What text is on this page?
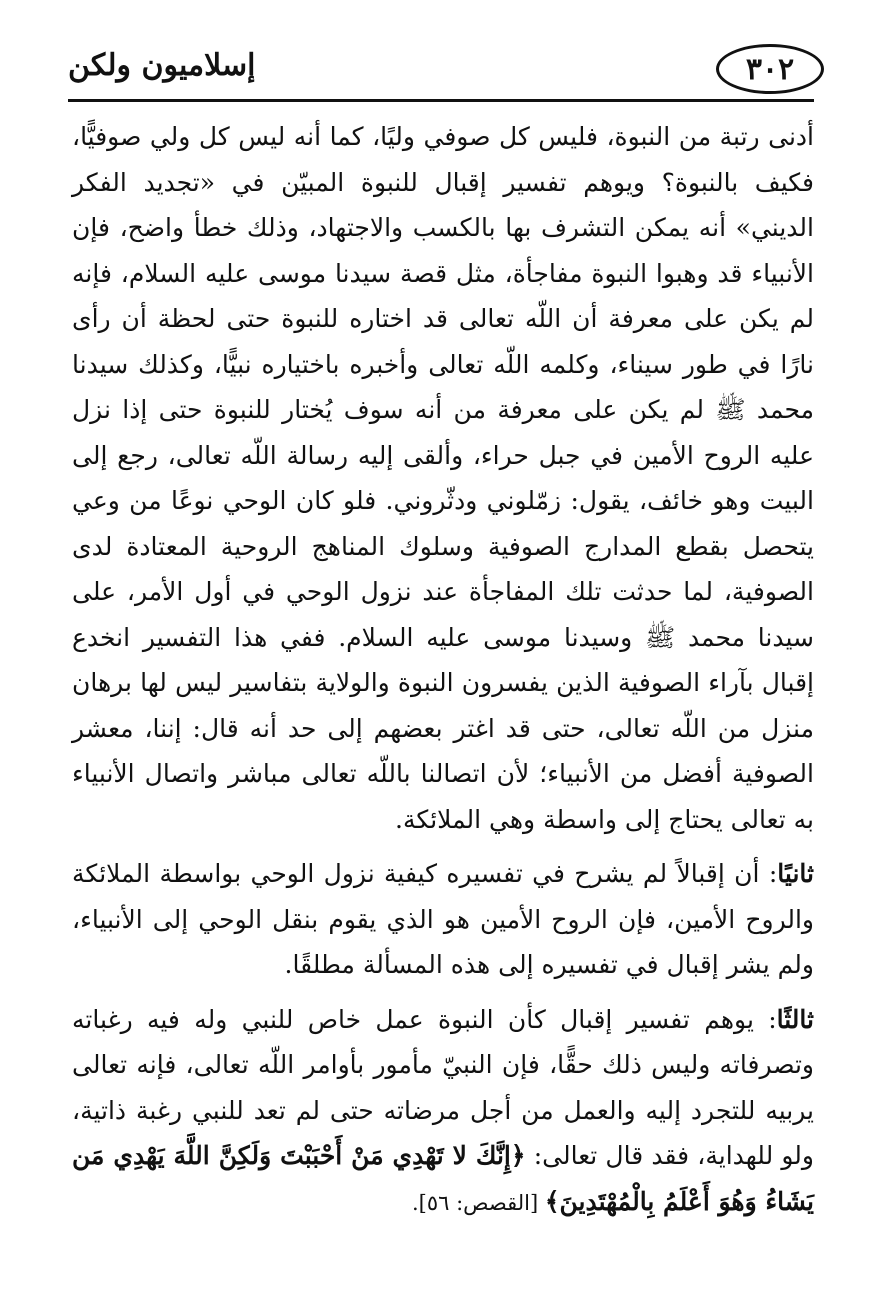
٣٠٢
إسلاميون ولكن

أدنى رتبة من النبوة، فليس كل صوفي وليًا، كما أنه ليس كل ولي صوفيًّا، فكيف بالنبوة؟ ويوهم تفسير إقبال للنبوة المبيّن في «تجديد الفكر الديني» أنه يمكن التشرف بها بالكسب والاجتهاد، وذلك خطأ واضح، فإن الأنبياء قد وهبوا النبوة مفاجأة، مثل قصة سيدنا موسى عليه السلام، فإنه لم يكن على معرفة أن اللّه تعالى قد اختاره للنبوة حتى لحظة أن رأى نارًا في طور سيناء، وكلمه اللّه تعالى وأخبره باختياره نبيًّا، وكذلك سيدنا محمد ﷺ لم يكن على معرفة من أنه سوف يُختار للنبوة حتى إذا نزل عليه الروح الأمين في جبل حراء، وألقى إليه رسالة اللّه تعالى، رجع إلى البيت وهو خائف، يقول: زمّلوني ودثّروني. فلو كان الوحي نوعًا من وعي يتحصل بقطع المدارج الصوفية وسلوك المناهج الروحية المعتادة لدى الصوفية، لما حدثت تلك المفاجأة عند نزول الوحي في أول الأمر، على سيدنا محمد ﷺ وسيدنا موسى عليه السلام. ففي هذا التفسير انخدع إقبال بآراء الصوفية الذين يفسرون النبوة والولاية بتفاسير ليس لها برهان منزل من اللّه تعالى، حتى قد اغتر بعضهم إلى حد أنه قال: إننا، معشر الصوفية أفضل من الأنبياء؛ لأن اتصالنا باللّه تعالى مباشر واتصال الأنبياء به تعالى يحتاج إلى واسطة وهي الملائكة.

ثانيًا: أن إقبالاً لم يشرح في تفسيره كيفية نزول الوحي بواسطة الملائكة والروح الأمين، فإن الروح الأمين هو الذي يقوم بنقل الوحي إلى الأنبياء، ولم يشر إقبال في تفسيره إلى هذه المسألة مطلقًا.

ثالثًا: يوهم تفسير إقبال كأن النبوة عمل خاص للنبي وله فيه رغباته وتصرفاته وليس ذلك حقًّا، فإن النبيّ مأمور بأوامر اللّه تعالى، فإنه تعالى يربيه للتجرد إليه والعمل من أجل مرضاته حتى لم تعد للنبي رغبة ذاتية، ولو للهداية، فقد قال تعالى: ﴿إِنَّكَ لا تَهْدِي مَنْ أَحْبَبْتَ وَلَكِنَّ اللَّهَ يَهْدِي مَن يَشَاءُ وَهُوَ أَعْلَمُ بِالْمُهْتَدِينَ﴾ [القصص: ٥٦].
